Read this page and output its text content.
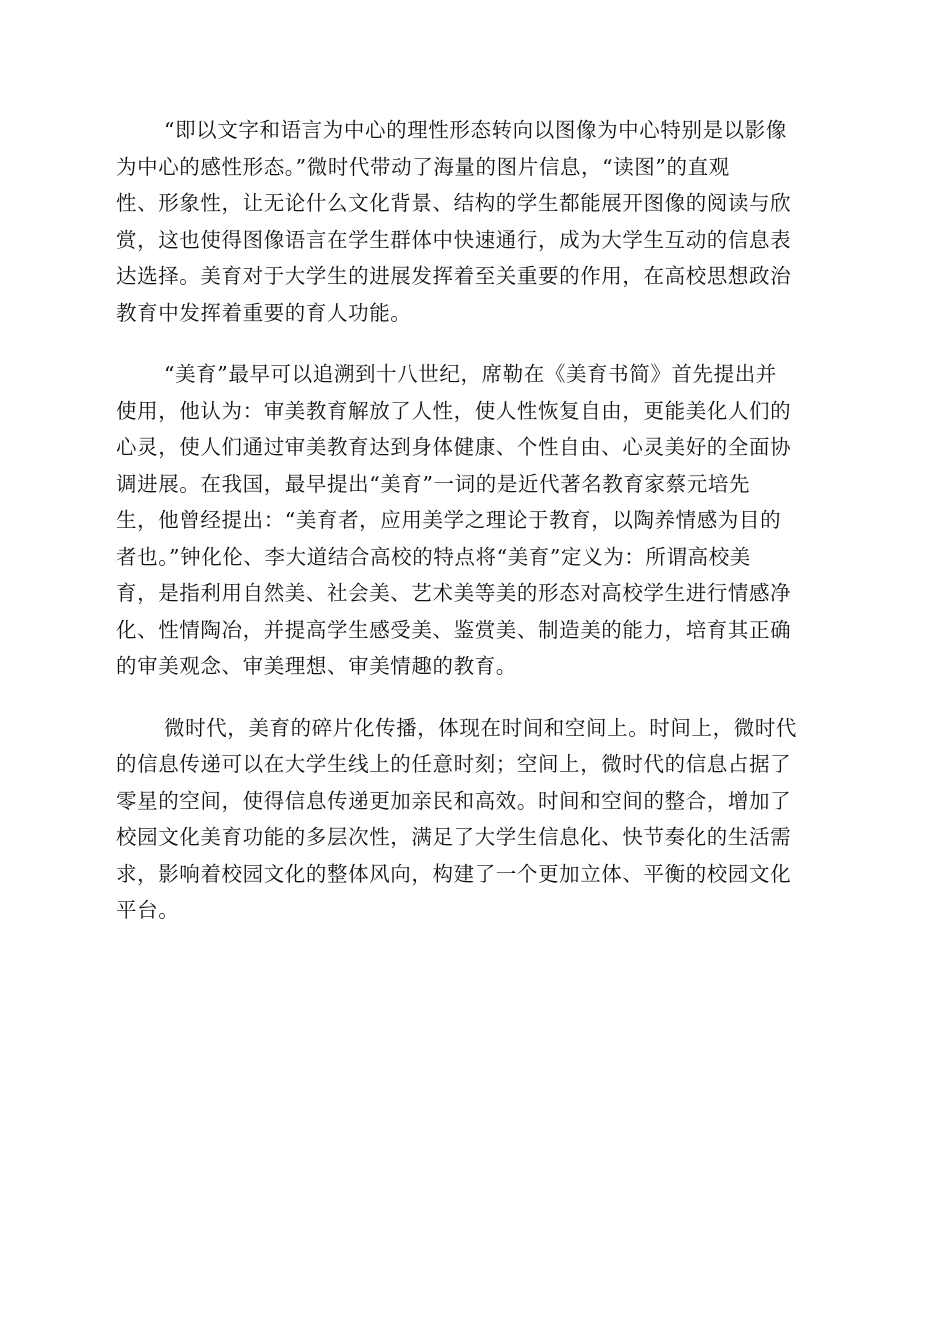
“即以文字和语言为中心的理性形态转向以图像为中心特别是以影像
为中心的感性形态。”微时代带动了海量的图片信息，“读图”的直观
性、形象性，让无论什么文化背景、结构的学生都能展开图像的阅读与欣
赏，这也使得图像语言在学生群体中快速通行，成为大学生互动的信息表
达选择。美育对于大学生的进展发挥着至关重要的作用，在高校思想政治
教育中发挥着重要的育人功能。
“美育”最早可以追溯到十八世纪，席勒在《美育书简》首先提出并
使用，他认为：审美教育解放了人性，使人性恢复自由，更能美化人们的
心灵，使人们通过审美教育达到身体健康、个性自由、心灵美好的全面协
调进展。在我国，最早提出“美育”一词的是近代著名教育家蔡元培先
生，他曾经提出：“美育者，应用美学之理论于教育，以陶养情感为目的
者也。”钟化伦、李大道结合高校的特点将“美育”定义为：所谓高校美
育，是指利用自然美、社会美、艺术美等美的形态对高校学生进行情感净
化、性情陶冶，并提高学生感受美、鉴赏美、制造美的能力，培育其正确
的审美观念、审美理想、审美情趣的教育。
微时代，美育的碎片化传播，体现在时间和空间上。时间上，微时代
的信息传递可以在大学生线上的任意时刻；空间上，微时代的信息占据了
零星的空间，使得信息传递更加亲民和高效。时间和空间的整合，增加了
校园文化美育功能的多层次性，满足了大学生信息化、快节奏化的生活需
求，影响着校园文化的整体风向，构建了一个更加立体、平衡的校园文化
平台。
